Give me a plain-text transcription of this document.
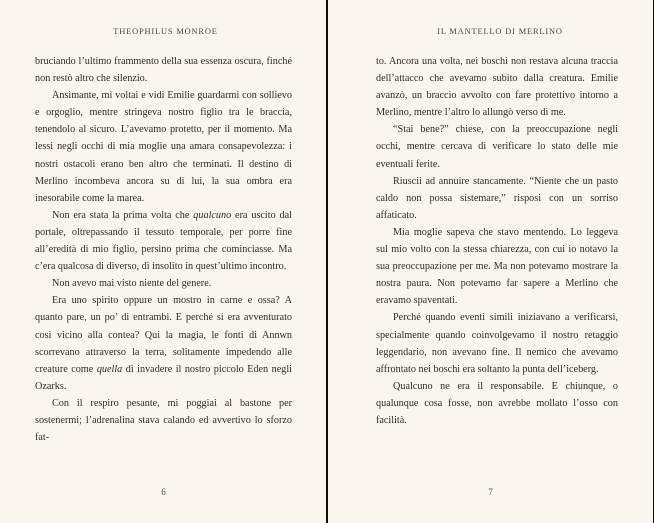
THEOPHILUS MONROE

bruciando l’ultimo frammento della sua essenza oscura, finché non restò altro che silenzio.

Ansimante, mi voltai e vidi Emilie guardarmi con sollievo e orgoglio, mentre stringeva nostro figlio tra le braccia, tenendolo al sicuro. L’avevamo protetto, per il momento. Ma lessi negli occhi di mia moglie una amara consapevolezza: i nostri ostacoli erano ben altro che terminati. Il destino di Merlino incombeva ancora su di lui, la sua ombra era inesorabile come la marea.

Non era stata la prima volta che qualcuno era uscito dal portale, oltrepassando il tessuto temporale, per porre fine all’eredità di mio figlio, persino prima che cominciasse. Ma c’era qualcosa di diverso, di insolito in quest’ultimo incontro.

Non avevo mai visto niente del genere.

Era uno spirito oppure un mostro in carne e ossa? A quanto pare, un po’ di entrambi. E perché si era avventurato così vicino alla contea? Qui la magia, le fonti di Annwn scorrevano attraverso la terra, solitamente impedendo alle creature come quella di invadere il nostro piccolo Eden negli Ozarks.

Con il respiro pesante, mi poggiai al bastone per sostenermi; l’adrenalina stava calando ed avvertivo lo sforzo fat-

6
IL MANTELLO DI MERLINO

to. Ancora una volta, nei boschi non restava alcuna traccia dell’attacco che avevamo subito dalla creatura. Emilie avanzò, un braccio avvolto con fare protettivo intorno a Merlino, mentre l’altro lo allungò verso di me.

“Stai bene?” chiese, con la preoccupazione negli occhi, mentre cercava di verificare lo stato delle mie eventuali ferite.

Riuscii ad annuire stancamente. “Niente che un pasto caldo non possa sistemare,” risposi con un sorriso affaticato.

Mia moglie sapeva che stavo mentendo. Lo leggeva sul mio volto con la stessa chiarezza, con cui io notavo la sua preoccupazione per me. Ma non potevamo mostrare la nostra paura. Non potevamo far sapere a Merlino che eravamo spaventati.

Perché quando eventi simili iniziavano a verificarsi, specialmente quando coinvolgevamo il nostro retaggio leggendario, non avevano fine. Il nemico che avevamo affrontato nei boschi era soltanto la punta dell’iceberg.

Qualcuno ne era il responsabile. E chiunque, o qualunque cosa fosse, non avrebbe mollato l’osso con facilità.

7
